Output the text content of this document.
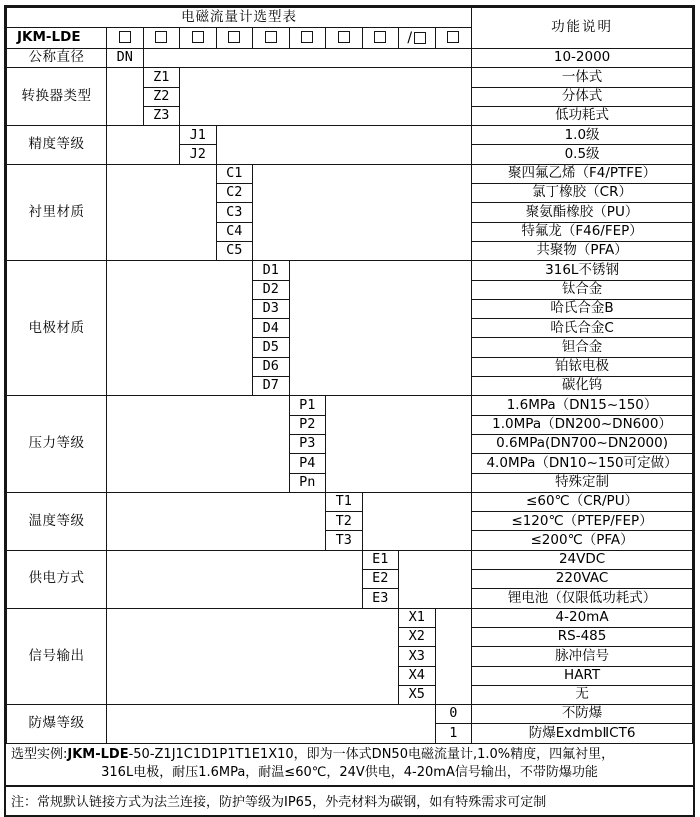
电磁流量计选型表											功能说明
JKM-LDE									/		
公称直径	DN										10-2000
转换器类型		Z1									一体式
		Z2									分体式
		Z3									低功耗式
精度等级			J1								1.0级
			J2								0.5级
衬里材质				C1							聚四氟乙烯（F4/PTFE）
				C2							氯丁橡胶（CR）
				C3							聚氨酯橡胶（PU）
				C4							特氟龙（F46/FEP）
				C5							共聚物（PFA）
电极材质					D1						316L不锈钢
					D2						钛合金
					D3						哈氏合金B
					D4						哈氏合金C
					D5						钽合金
					D6						铂铱电极
					D7						碳化钨
压力等级						P1					1.6MPa（DN15~150）
						P2					1.0MPa（DN200~DN600）
						P3					0.6MPa(DN700~DN2000)
						P4					4.0MPa（DN10~150可定做）
						Pn					特殊定制
温度等级							T1				≤60℃（CR/PU）
							T2				≤120℃（PTEP/FEP）
							T3				≤200℃（PFA）
供电方式								E1			24VDC
								E2			220VAC
								E3			锂电池（仅限低功耗式）
信号输出									X1		4-20mA
									X2		RS-485
									X3		脉冲信号
									X4		HART
									X5		无
防爆等级										0	不防爆
										1	防爆ExdmbⅡCT6
选型实例:JKM-LDE-50-Z1J1C1D1P1T1E1X10，即为一体式DN50电磁流量计,1.0%精度，四氟衬里，
316L电极，耐压1.6MPa，耐温≤60℃，24V供电，4-20mA信号输出，不带防爆功能
注：常规默认链接方式为法兰连接，防护等级为IP65，外壳材料为碳钢，如有特殊需求可定制
